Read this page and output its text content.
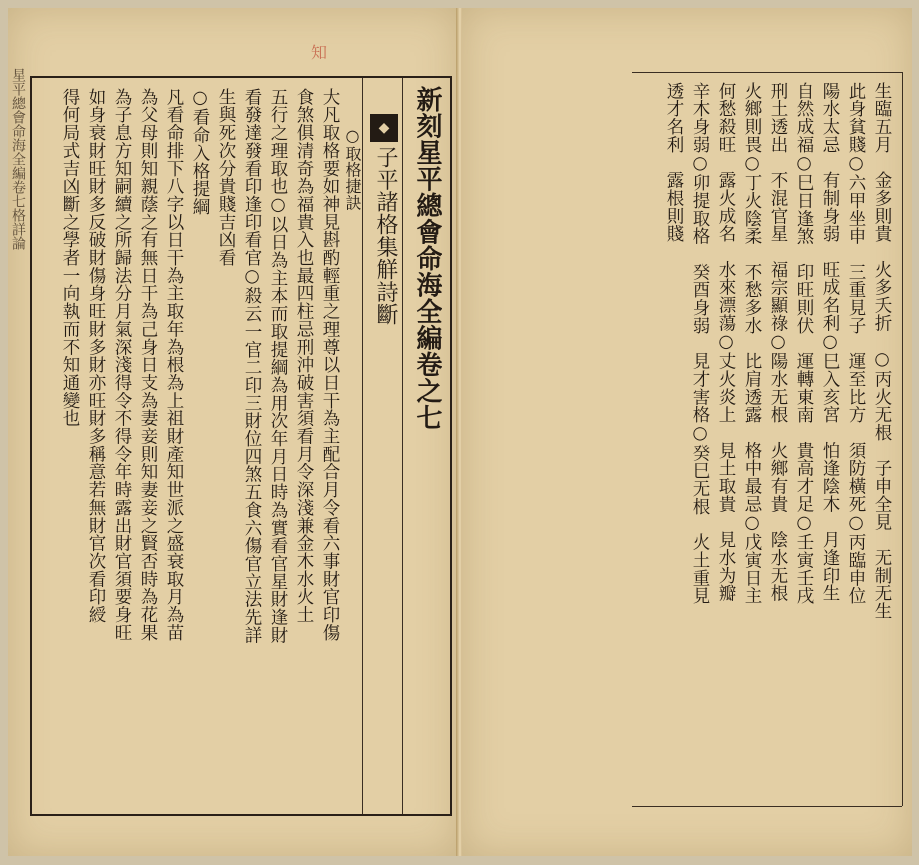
星平總會命海全編卷七格詳論
知
新刻星平總會命海全編卷之七
◆
子平諸格集觧詩斷
○取格捷訣
大凡取格要如神見斟酌輕重之理尊以日干為主配合月令看六事財官印傷
食煞俱清奇為福貴入也最四柱忌刑沖破害須看月令深淺兼金木水火土
五行之理取也○以日為主本而取提綱為用次年月日時為實看官星財逢財
看發達發看印逢印看官○殺云一官二印三財位四煞五食六傷官立法先詳
生與死次分貴賤吉凶看
○看命入格提綱
凡看命排下八字以日干為主取年為根為上祖財產知世派之盛衰取月為苗
為父母則知親蔭之有無日干為己身日支為妻妾則知妻妾之賢否時為花果
為子息方知嗣續之所歸法分月氣深淺得令不得令年時露出財官須要身旺
如身衰財旺財多反破財傷身旺財多財亦旺財多稱意若無財官次看印綬
得何局式吉凶斷之學者一向執而不知通變也	生臨五月　金多則貴　火多夭折　○丙火无根　子申全見　无制无生
此身貧賤○六甲坐申　三重見子　運至比方　須防橫死○丙臨申位
陽水太忌　有制身弱　旺成名利○巳入亥宮　怕逢陰木　月逢印生
自然成福○巳日逢煞　印旺則伏　運轉東南　貴高才足○壬寅壬戌
刑土透出　不混官星　福宗顯祿○陽水无根　火鄉有貴　陰水无根
火鄉則畏○丁火陰柔　不愁多水　比肩透露　格中最忌○戊寅日主
何愁殺旺　露火成名　水來漂蕩○丈火炎上　見土取貴　見水为瓣
辛木身弱○卯提取格　癸酉身弱　見才害格○癸巳无根　火土重見
透才名利　露根則賤
